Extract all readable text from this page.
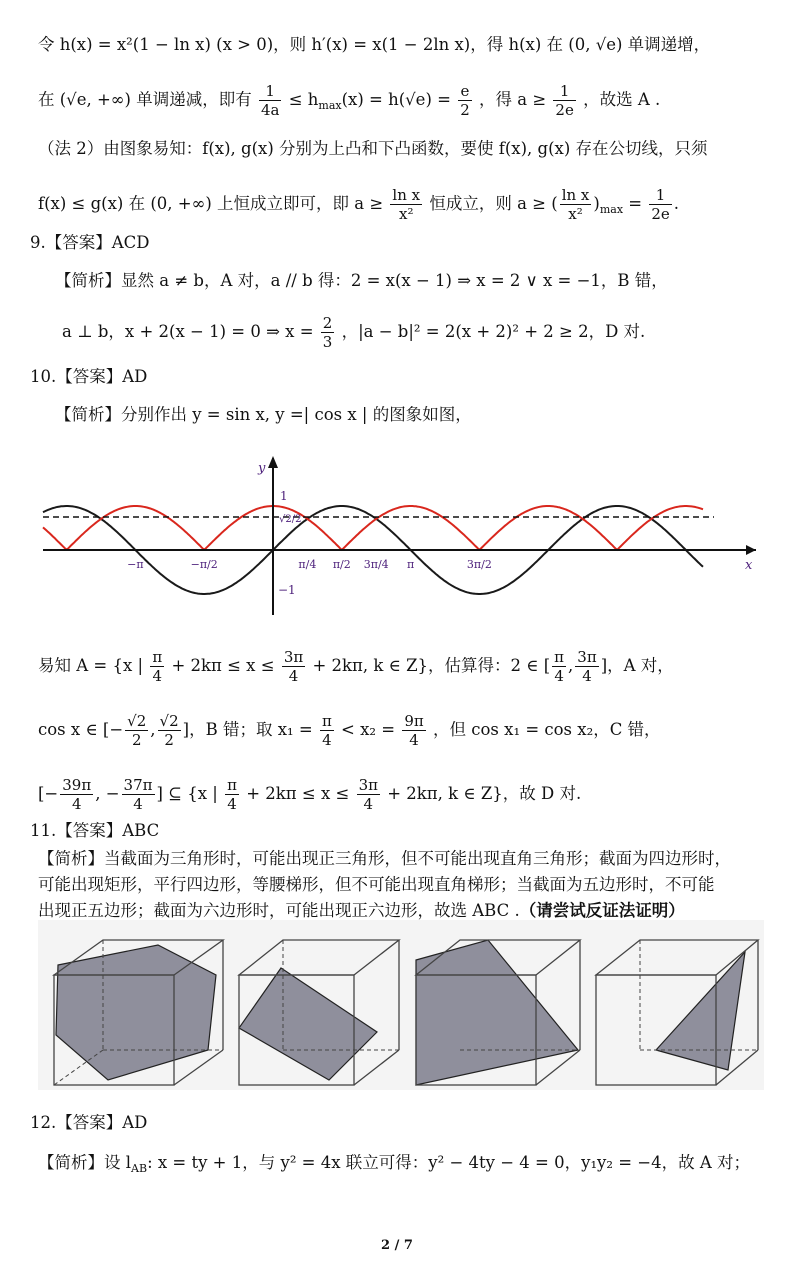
令 h(x) = x²(1 − ln x) (x > 0)，则 h′(x) = x(1 − 2ln x)，得 h(x) 在 (0, √e) 单调递增，
在 (√e, +∞) 单调递减，即有 $\frac{1}{4a} \le h_{max}(x) = h(√e) = \frac{e}{2}$ ，得 $a \ge \frac{1}{2e}$ ，故选 A .
（法 2）由图象易知：f(x), g(x) 分别为上凸和下凸函数，要使 f(x), g(x) 存在公切线，只须
f(x) ≤ g(x) 在 (0, +∞) 上恒成立即可，即 $a \ge \frac{\text{ln x}}{\text{x²}}$ 恒成立，则 a ≥ ( $\frac{\text{ln x}}{\text{x²}} )_{max} = \frac{1}{2e}$ .
9.【答案】ACD
【简析】显然 a ≠ b，A 对，a // b 得：2 = x(x − 1) ⇒ x = 2 ∨ x = −1，B 错，
a ⊥ b，x + 2(x − 1) = 0 ⇒ $x = \frac{2}{3}$ ，|a − b|² = 2(x + 2)² + 2 ≥ 2，D 对.
10.【答案】AD
【简析】分别作出 y = sin x, y =| cos x | 的图象如图，
y
x
1
−1
√2/2
−π	−π/2	π/4 π/2 3π/4 π	3π/2
易知 A = {x | $\frac{\pi}{4} + 2k\pi \le x \le \frac{3\pi}{4} + 2k\pi$, k ∈ Z}，估算得：2 ∈ [ $\frac{\pi}{4}$ , $\frac{3\pi}{4}$ ]，A 对，
cos x ∈ [− $\frac{√2}{2}$ , $\frac{√2}{2}$ ]，B 错；取 $x_1 = \frac{\pi}{4} < x_2 = \frac{9\pi}{4}$ ，但 cos x₁ = cos x₂，C 错，
[− $\frac{39\pi}{4}$ , − $\frac{37\pi}{4}$ ] ⊆ {x | $\frac{\pi}{4} + 2k\pi \le x \le \frac{3\pi}{4} + 2k\pi$, k ∈ Z}，故 D 对.
11.【答案】ABC
【简析】当截面为三角形时，可能出现正三角形，但不可能出现直角三角形；截面为四边形时，
可能出现矩形，平行四边形，等腰梯形，但不可能出现直角梯形；当截面为五边形时，不可能
出现正五边形；截面为六边形时，可能出现正六边形，故选 ABC .（请尝试反证法证明）
12.【答案】AD
【简析】设 $l_{AB}$: x = ty + 1，与 y² = 4x 联立可得：y² − 4ty − 4 = 0，y₁y₂ = −4，故 A 对；
2 / 7
